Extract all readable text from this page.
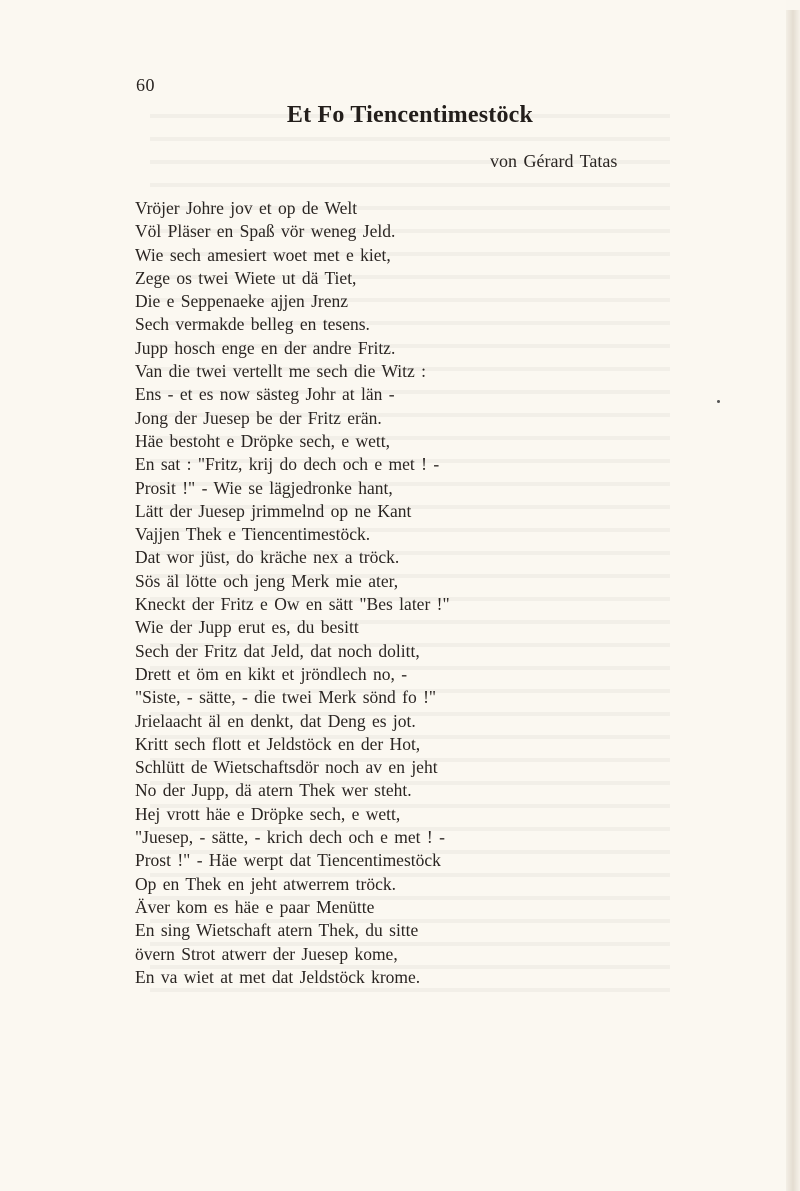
60
Et Fo Tiencentimestöck
von Gérard Tatas
Vröjer Johre jov et op de Welt
Völ Pläser en Spaß vör weneg Jeld.
Wie sech amesiert woet met e kiet,
Zege os twei Wiete ut dä Tiet,
Die e Seppenaeke ajjen Jrenz
Sech vermakde belleg en tesens.
Jupp hosch enge en der andre Fritz.
Van die twei vertellt me sech die Witz :
Ens - et es now sästeg Johr at län -
Jong der Juesep be der Fritz erän.
Häe bestoht e Dröpke sech, e wett,
En sat : "Fritz, krij do dech och e met ! -
Prosit !" - Wie se lägjedronke hant,
Lätt der Juesep jrimmelnd op ne Kant
Vajjen Thek e Tiencentimestöck.
Dat wor jüst, do kräche nex a tröck.
Sös äl lötte och jeng Merk mie ater,
Kneckt der Fritz e Ow en sätt "Bes later !"
Wie der Jupp erut es, du besitt
Sech der Fritz dat Jeld, dat noch dolitt,
Drett et öm en kikt et jröndlech no, -
"Siste, - sätte, - die twei Merk sönd fo !"
Jrielaacht äl en denkt, dat Deng es jot.
Kritt sech flott et Jeldstöck en der Hot,
Schlütt de Wietschaftsdör noch av en jeht
No der Jupp, dä atern Thek wer steht.
Hej vrott häe e Dröpke sech, e wett,
"Juesep, - sätte, - krich dech och e met ! -
Prost !" - Häe werpt dat Tiencentimestöck
Op en Thek en jeht atwerrem tröck.
Äver kom es häe e paar Menütte
En sing Wietschaft atern Thek, du sitte
övern Strot atwerr der Juesep kome,
En va wiet at met dat Jeldstöck krome.
